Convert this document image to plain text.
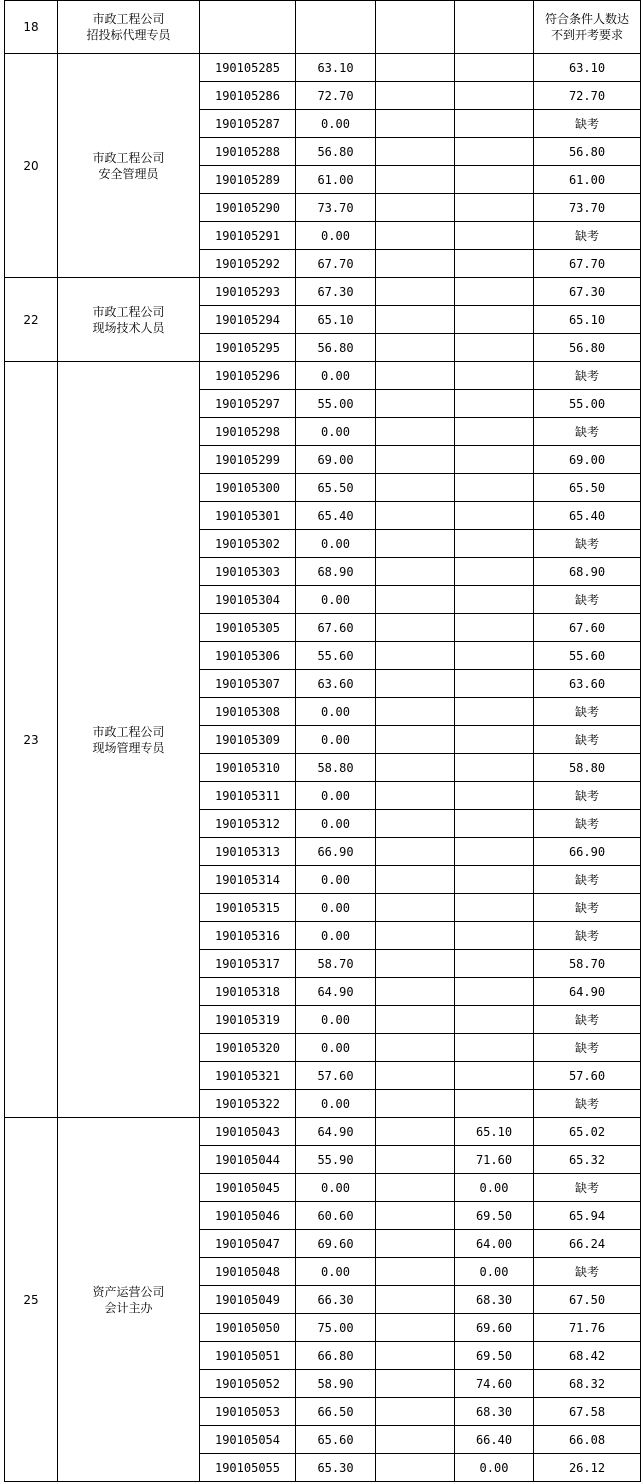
18	市政工程公司
招投标代理专员					符合条件人数达
不到开考要求

20	市政工程公司
安全管理员	190105285	63.10			63.10
		190105286	72.70			72.70
		190105287	0.00			缺考
		190105288	56.80			56.80
		190105289	61.00			61.00
		190105290	73.70			73.70
		190105291	0.00			缺考
		190105292	67.70			67.70
22	市政工程公司
现场技术人员	190105293	67.30			67.30
		190105294	65.10			65.10
		190105295	56.80			56.80
23	市政工程公司
现场管理专员	190105296	0.00			缺考
		190105297	55.00			55.00
		190105298	0.00			缺考
		190105299	69.00			69.00
		190105300	65.50			65.50
		190105301	65.40			65.40
		190105302	0.00			缺考
		190105303	68.90			68.90
		190105304	0.00			缺考
		190105305	67.60			67.60
		190105306	55.60			55.60
		190105307	63.60			63.60
		190105308	0.00			缺考
		190105309	0.00			缺考
		190105310	58.80			58.80
		190105311	0.00			缺考
		190105312	0.00			缺考
		190105313	66.90			66.90
		190105314	0.00			缺考
		190105315	0.00			缺考
		190105316	0.00			缺考
		190105317	58.70			58.70
		190105318	64.90			64.90
		190105319	0.00			缺考
		190105320	0.00			缺考
		190105321	57.60			57.60
		190105322	0.00			缺考
25	资产运营公司
会计主办	190105043	64.90		65.10	65.02
		190105044	55.90		71.60	65.32
		190105045	0.00		0.00	缺考
		190105046	60.60		69.50	65.94
		190105047	69.60		64.00	66.24
		190105048	0.00		0.00	缺考
		190105049	66.30		68.30	67.50
		190105050	75.00		69.60	71.76
		190105051	66.80		69.50	68.42
		190105052	58.90		74.60	68.32
		190105053	66.50		68.30	67.58
		190105054	65.60		66.40	66.08
		190105055	65.30		0.00	26.12
